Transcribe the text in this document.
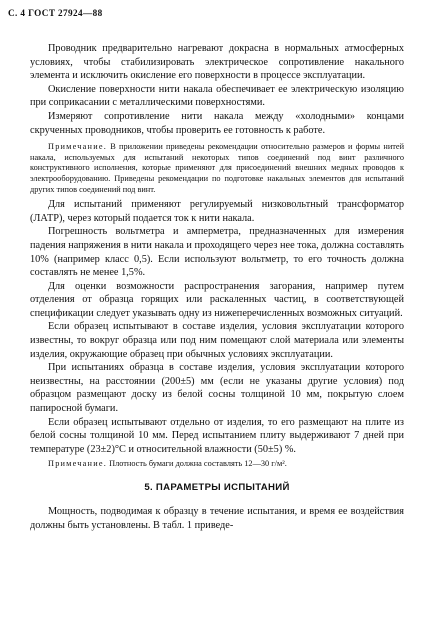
С. 4 ГОСТ 27924—88

Проводник предварительно нагревают докрасна в нормальных атмосферных условиях, чтобы стабилизировать электрическое сопротивление накального элемента и исключить окисление его поверхности в процессе эксплуатации.

Окисление поверхности нити накала обеспечивает ее электрическую изоляцию при соприкасании с металлическими поверхностями.

Измеряют сопротивление нити накала между «холодными» концами скрученных проводников, чтобы проверить ее готовность к работе.

Примечание. В приложении приведены рекомендации относительно размеров и формы нитей накала, используемых для испытаний некоторых типов соединений под винт различного конструктивного исполнения, которые применяют для присоединений внешних медных проводов к электрооборудованию. Приведены рекомендации по подготовке накальных элементов для испытаний других типов соединений под винт.

Для испытаний применяют регулируемый низковольтный трансформатор (ЛАТР), через который подается ток к нити накала.

Погрешность вольтметра и амперметра, предназначенных для измерения падения напряжения в нити накала и проходящего через нее тока, должна составлять 10% (например класс 0,5). Если используют вольтметр, то его точность должна составлять не менее 1,5%.

Для оценки возможности распространения загорания, например путем отделения от образца горящих или раскаленных частиц, в соответствующей спецификации следует указывать одну из нижеперечисленных возможных ситуаций.

Если образец испытывают в составе изделия, условия эксплуатации которого известны, то вокруг образца или под ним помещают слой материала или элементы изделия, окружающие образец при обычных условиях эксплуатации.

При испытаниях образца в составе изделия, условия эксплуатации которого неизвестны, на расстоянии (200±5) мм (если не указаны другие условия) под образцом размещают доску из белой сосны толщиной 10 мм, покрытую слоем папиросной бумаги.

Если образец испытывают отдельно от изделия, то его размещают на плите из белой сосны толщиной 10 мм. Перед испытанием плиту выдерживают 7 дней при температуре (23±2)°С и относительной влажности (50±5) %.

Примечание. Плотность бумаги должна составлять 12—30 г/м².

5. ПАРАМЕТРЫ ИСПЫТАНИЙ

Мощность, подводимая к образцу в течение испытания, и время ее воздействия должны быть установлены. В табл. 1 приведе-
